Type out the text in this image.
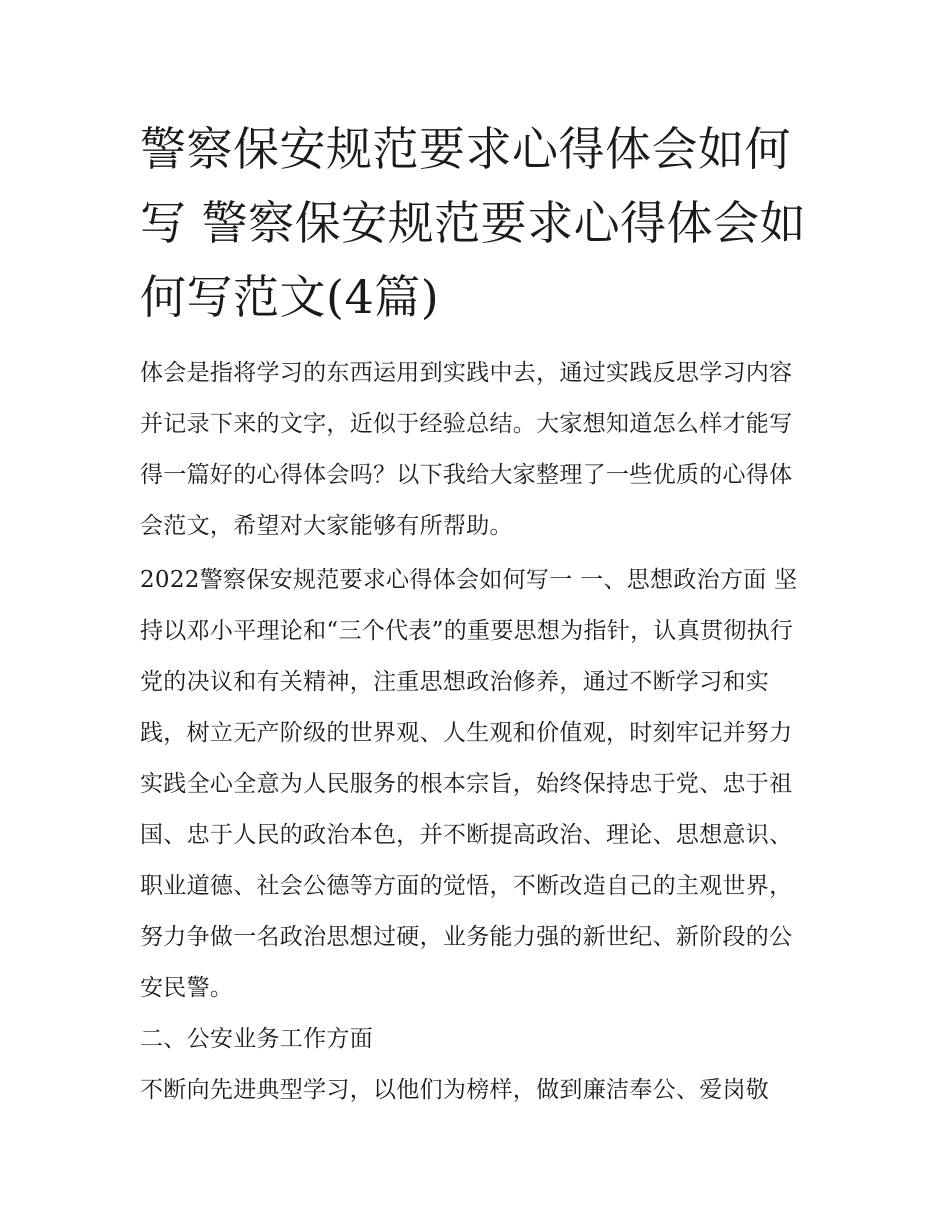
警察保安规范要求心得体会如何写 警察保安规范要求心得体会如何写范文(4篇)

体会是指将学习的东西运用到实践中去，通过实践反思学习内容并记录下来的文字，近似于经验总结。大家想知道怎么样才能写得一篇好的心得体会吗？以下我给大家整理了一些优质的心得体会范文，希望对大家能够有所帮助。

2022警察保安规范要求心得体会如何写一 一、思想政治方面 坚持以邓小平理论和“三个代表”的重要思想为指针，认真贯彻执行党的决议和有关精神，注重思想政治修养，通过不断学习和实践，树立无产阶级的世界观、人生观和价值观，时刻牢记并努力实践全心全意为人民服务的根本宗旨，始终保持忠于党、忠于祖国、忠于人民的政治本色，并不断提高政治、理论、思想意识、职业道德、社会公德等方面的觉悟，不断改造自己的主观世界，努力争做一名政治思想过硬，业务能力强的新世纪、新阶段的公安民警。

二、公安业务工作方面

不断向先进典型学习，以他们为榜样，做到廉洁奉公、爱岗敬
